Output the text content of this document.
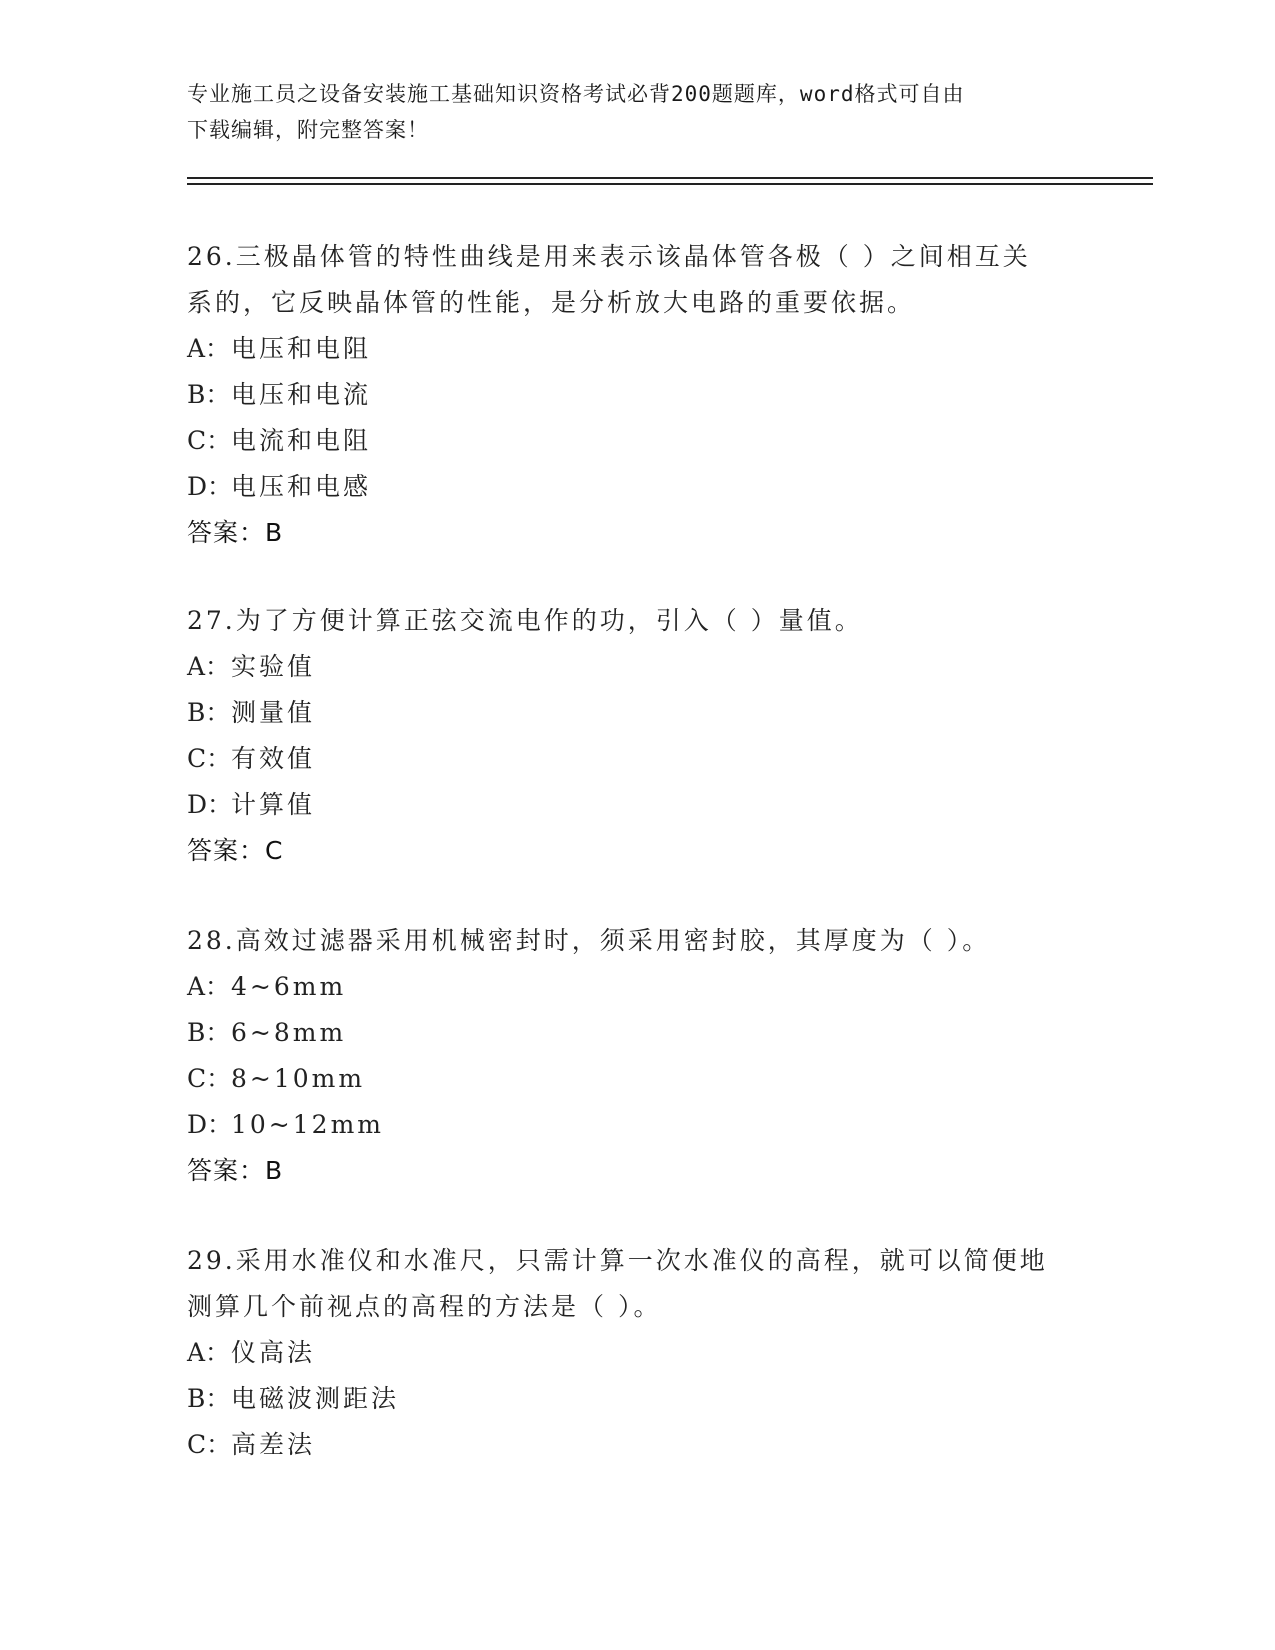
专业施工员之设备安装施工基础知识资格考试必背200题题库，word格式可自由
下载编辑，附完整答案！
26.三极晶体管的特性曲线是用来表示该晶体管各极（ ）之间相互关
系的，它反映晶体管的性能，是分析放大电路的重要依据。
A：电压和电阻
B：电压和电流
C：电流和电阻
D：电压和电感
答案：B
27.为了方便计算正弦交流电作的功，引入（ ）量值。
A：实验值
B：测量值
C：有效值
D：计算值
答案：C
28.高效过滤器采用机械密封时，须采用密封胶，其厚度为（ ）。
A：4~6mm
B：6~8mm
C：8~10mm
D：10~12mm
答案：B
29.采用水准仪和水准尺，只需计算一次水准仪的高程，就可以简便地
测算几个前视点的高程的方法是（ ）。
A：仪高法
B：电磁波测距法
C：高差法
